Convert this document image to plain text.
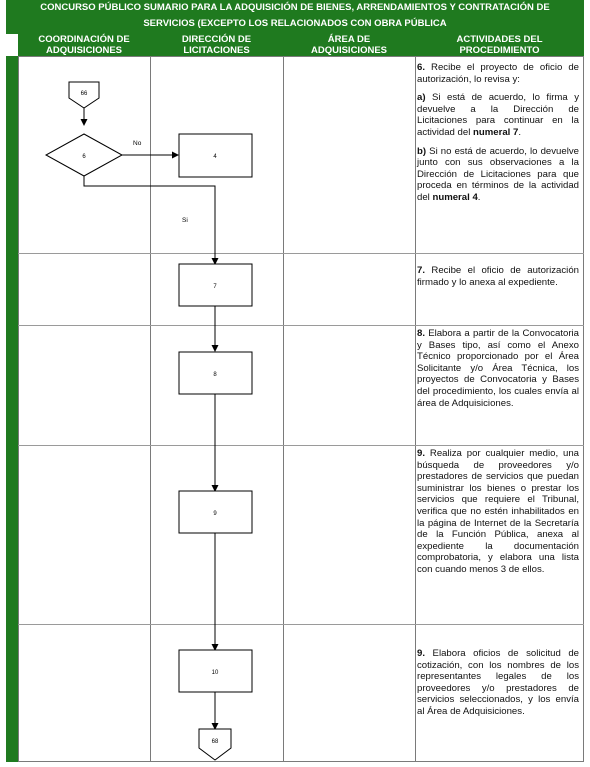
CONCURSO PÚBLICO SUMARIO PARA LA ADQUISICIÓN DE BIENES, ARRENDAMIENTOS Y CONTRATACIÓN DE
SERVICIOS (EXCEPTO LOS RELACIONADOS CON OBRA PÚBLICA
COORDINACIÓN DE
ADQUISICIONES
DIRECCIÓN DE
LICITACIONES
ÁREA DE
ADQUISICIONES
ACTIVIDADES DEL
PROCEDIMIENTO
66
6
No
Si
4
7
8
9
10
68

6. Recibe el proyecto de oficio de autorización, lo revisa y:

a) Si está de acuerdo, lo firma y devuelve a la Dirección de Licitaciones para continuar en la actividad del numeral 7.

b) Si no está de acuerdo, lo devuelve junto con sus observaciones a la Dirección de Licitaciones para que proceda en términos de la actividad del numeral 4.

7. Recibe el oficio de autorización firmado y lo anexa al expediente.

8. Elabora a partir de la Convocatoria y Bases tipo, así como el Anexo Técnico proporcionado por el Área Solicitante y/o Área Técnica, los proyectos de Convocatoria y Bases del procedimiento, los cuales envía al área de Adquisiciones.

9. Realiza por cualquier medio, una búsqueda de proveedores y/o prestadores de servicios que puedan suministrar los bienes o prestar los servicios que requiere el Tribunal, verifica que no estén inhabilitados en la página de Internet de la Secretaría de la Función Pública, anexa al expediente la documentación comprobatoria, y elabora una lista con cuando menos 3 de ellos.

9. Elabora oficios de solicitud de cotización, con los nombres de los representantes legales de los proveedores y/o prestadores de servicios seleccionados, y los envía al Área de Adquisiciones.
